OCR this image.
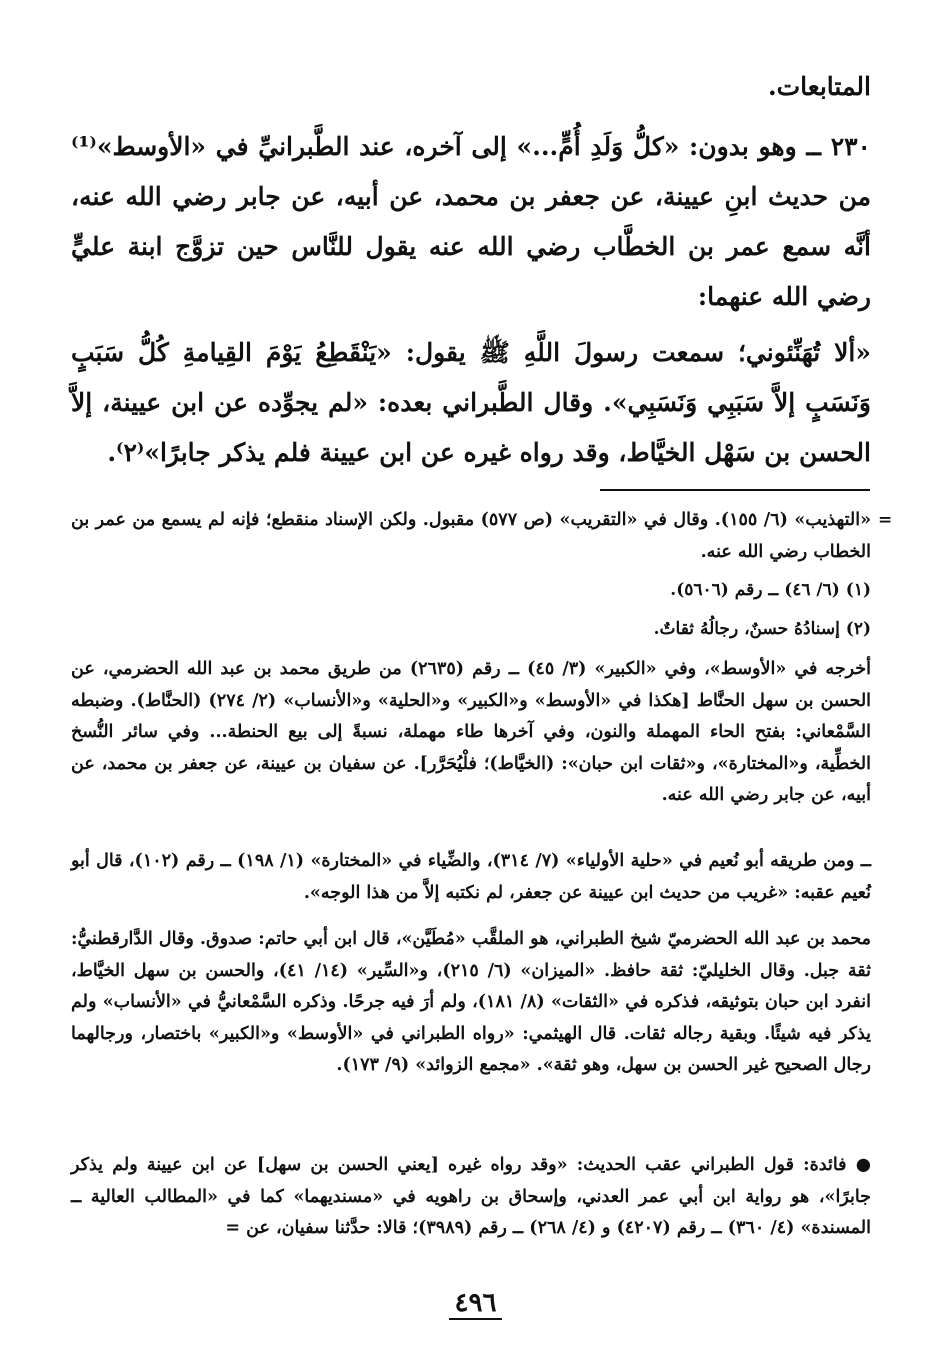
المتابعات.

٢٣٠ ــ وهو بدون: «كلُّ وَلَدِ أُمٍّ...» إلى آخره، عند الطَّبرانيِّ في «الأوسط»⁽¹⁾ من حديث ابنِ عيينة، عن جعفر بن محمد، عن أبيه، عن جابر رضي الله عنه، أنَّه سمع عمر بن الخطَّاب رضي الله عنه يقول للنَّاس حين تزوَّج ابنة عليٍّ رضي الله عنهما:

«ألا تُهَنِّئوني؛ سمعت رسولَ اللَّهِ ﷺ يقول: «يَنْقَطِعُ يَوْمَ القِيامةِ كُلُّ سَبَبٍ وَنَسَبٍ إلاَّ سَبَبِي وَنَسَبِي». وقال الطَّبراني بعده: «لم يجوِّده عن ابن عيينة، إلاَّ الحسن بن سَهْل الخيَّاط، وقد رواه غيره عن ابن عيينة فلم يذكر جابرًا»⁽٢⁾.

=

«التهذيب» (٦/ ١٥٥). وقال في «التقريب» (ص ٥٧٧) مقبول. ولكن الإسناد منقطع؛ فإنه لم يسمع من عمر بن الخطاب رضي الله عنه.

(١) (٦/ ٤٦) ــ رقم (٥٦٠٦).

(٢) إسنادُهُ حسنٌ، رجالُهُ ثقاتٌ.

أخرجه في «الأوسط»، وفي «الكبير» (٣/ ٤٥) ــ رقم (٢٦٣٥) من طريق محمد بن عبد الله الحضرمي، عن الحسن بن سهل الحنَّاط [هكذا في «الأوسط» و«الكبير» و«الحلية» و«الأنساب» (٢/ ٢٧٤) (الحنَّاط). وضبطه السَّمْعاني: بفتح الحاء المهملة والنون، وفي آخرها طاء مهملة، نسبةً إلى بيع الحنطة... وفي سائر النُّسخ الخطِّية، و«المختارة»، و«ثقات ابن حبان»: (الخيَّاط)؛ فلْيُحَرَّر]. عن سفيان بن عيينة، عن جعفر بن محمد، عن أبيه، عن جابر رضي الله عنه.

ــ ومن طريقه أبو نُعيم في «حلية الأولياء» (٧/ ٣١٤)، والضِّياء في «المختارة» (١/ ١٩٨) ــ رقم (١٠٢)، قال أبو نُعيم عقبه: «غريب من حديث ابن عيينة عن جعفر، لم نكتبه إلاَّ من هذا الوجه».

محمد بن عبد الله الحضرميّ شيخ الطبراني، هو الملقَّب «مُطَيَّن»، قال ابن أبي حاتم: صدوق. وقال الدَّارقطنيُّ: ثقة جبل. وقال الخليليّ: ثقة حافظ. «الميزان» (٦/ ٢١٥)، و«السِّير» (١٤/ ٤١)، والحسن بن سهل الخيَّاط، انفرد ابن حبان بتوثيقه، فذكره في «الثقات» (٨/ ١٨١)، ولم أرَ فيه جرحًا. وذكره السَّمْعانيُّ في «الأنساب» ولم يذكر فيه شيئًا. وبقية رجاله ثقات. قال الهيثمي: «رواه الطبراني في «الأوسط» و«الكبير» باختصار، ورجالهما رجال الصحيح غير الحسن بن سهل، وهو ثقة». «مجمع الزوائد» (٩/ ١٧٣).

● فائدة: قول الطبراني عقب الحديث: «وقد رواه غيره [يعني الحسن بن سهل] عن ابن عيينة ولم يذكر جابرًا»، هو رواية ابن أبي عمر العدني، وإسحاق بن راهويه في «مسنديهما» كما في «المطالب العالية ــ المسندة» (٤/ ٣٦٠) ــ رقم (٤٢٠٧) و (٤/ ٢٦٨) ــ رقم (٣٩٨٩)؛ قالا: حدَّثنا سفيان، عن =

٤٩٦
